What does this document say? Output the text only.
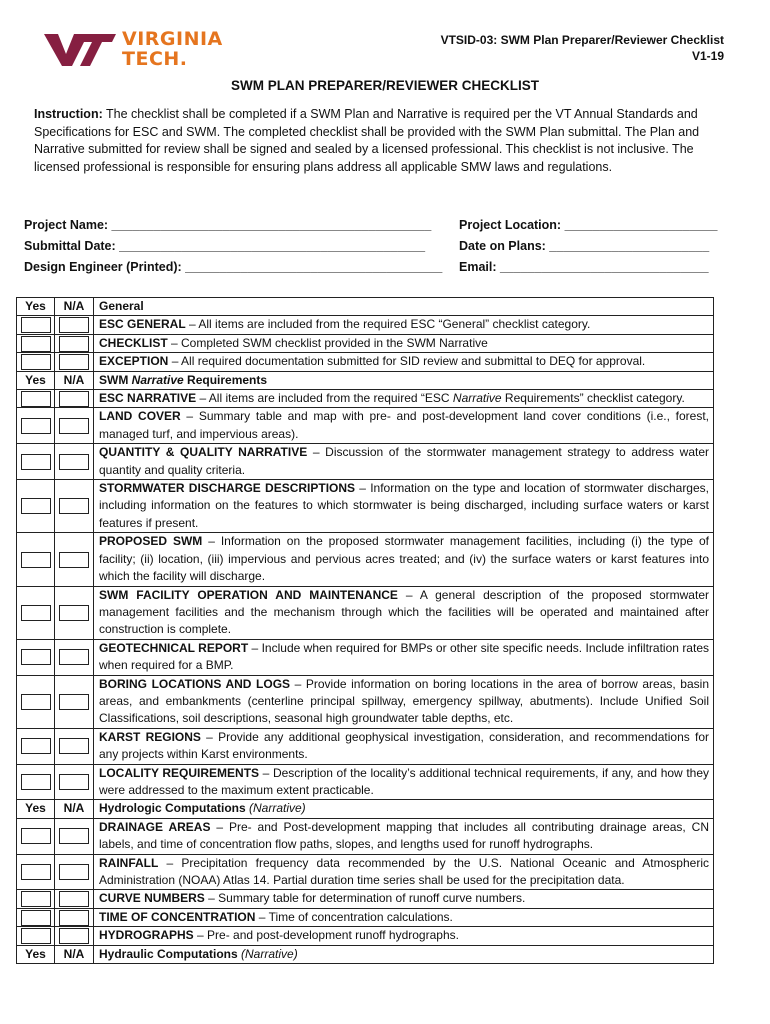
VIRGINIA
TECH.
VTSID-03: SWM Plan Preparer/Reviewer Checklist
V1-19
SWM PLAN PREPARER/REVIEWER CHECKLIST
Instruction: The checklist shall be completed if a SWM Plan and Narrative is required per the VT Annual Standards and Specifications for ESC and SWM. The completed checklist shall be provided with the SWM Plan submittal. The Plan and Narrative submitted for review shall be signed and sealed by a licensed professional. This checklist is not inclusive. The licensed professional is responsible for ensuring plans address all applicable SMW laws and regulations.
Project Name: ______________________________________________ Project Location: ______________________
Submittal Date: ____________________________________________	Date on Plans: _______________________
Design Engineer (Printed): _____________________________________ Email: ______________________________
Yes	N/A	General
		ESC GENERAL – All items are included from the required ESC “General” checklist category.
		CHECKLIST – Completed SWM checklist provided in the SWM Narrative
		EXCEPTION – All required documentation submitted for SID review and submittal to DEQ for approval.
Yes	N/A	SWM Narrative Requirements
		ESC NARRATIVE – All items are included from the required “ESC Narrative Requirements” checklist category.
		LAND COVER – Summary table and map with pre- and post-development land cover conditions (i.e., forest, managed turf, and impervious areas).
		QUANTITY & QUALITY NARRATIVE – Discussion of the stormwater management strategy to address water quantity and quality criteria.
		STORMWATER DISCHARGE DESCRIPTIONS – Information on the type and location of stormwater discharges, including information on the features to which stormwater is being discharged, including surface waters or karst features if present.
		PROPOSED SWM – Information on the proposed stormwater management facilities, including (i) the type of facility; (ii) location, (iii) impervious and pervious acres treated; and (iv) the surface waters or karst features into which the facility will discharge.
		SWM FACILITY OPERATION AND MAINTENANCE – A general description of the proposed stormwater management facilities and the mechanism through which the facilities will be operated and maintained after construction is complete.
		GEOTECHNICAL REPORT – Include when required for BMPs or other site specific needs. Include infiltration rates when required for a BMP.
		BORING LOCATIONS AND LOGS – Provide information on boring locations in the area of borrow areas, basin areas, and embankments (centerline principal spillway, emergency spillway, abutments). Include Unified Soil Classifications, soil descriptions, seasonal high groundwater table depths, etc.
		KARST REGIONS – Provide any additional geophysical investigation, consideration, and recommendations for any projects within Karst environments.
		LOCALITY REQUIREMENTS – Description of the locality’s additional technical requirements, if any, and how they were addressed to the maximum extent practicable.
Yes	N/A	Hydrologic Computations (Narrative)
		DRAINAGE AREAS – Pre- and Post-development mapping that includes all contributing drainage areas, CN labels, and time of concentration flow paths, slopes, and lengths used for runoff hydrographs.
		RAINFALL – Precipitation frequency data recommended by the U.S. National Oceanic and Atmospheric Administration (NOAA) Atlas 14. Partial duration time series shall be used for the precipitation data.
		CURVE NUMBERS – Summary table for determination of runoff curve numbers.
		TIME OF CONCENTRATION – Time of concentration calculations.
		HYDROGRAPHS – Pre- and post-development runoff hydrographs.
Yes	N/A	Hydraulic Computations (Narrative)
